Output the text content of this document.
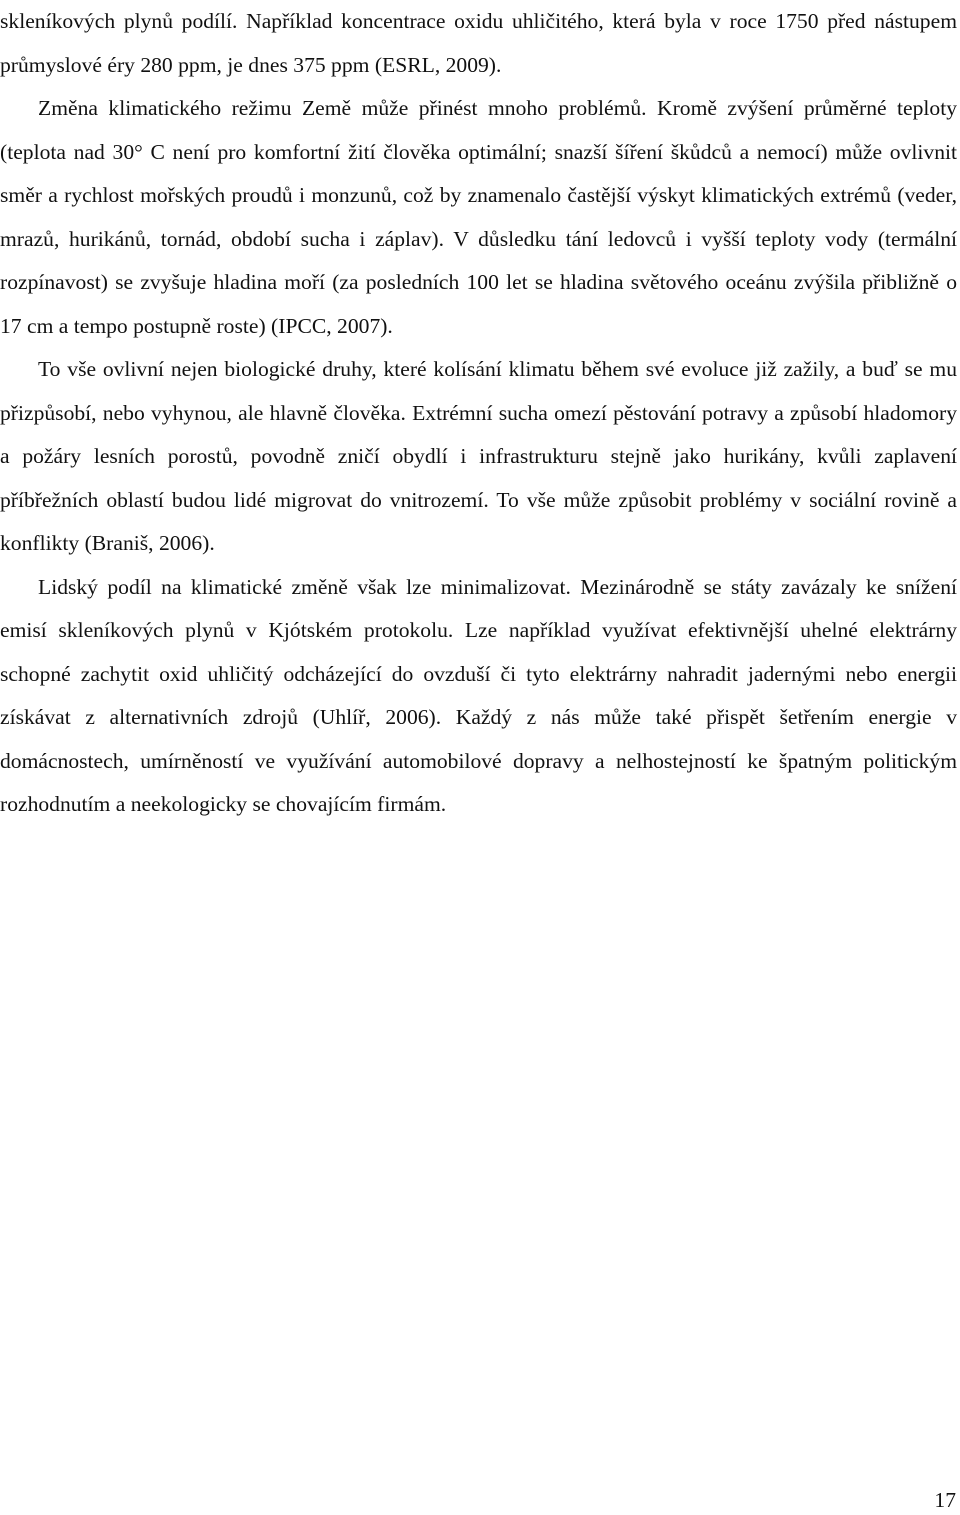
skleníkových plynů podílí. Například koncentrace oxidu uhličitého, která byla v roce 1750 před nástupem průmyslové éry 280 ppm, je dnes 375 ppm (ESRL, 2009).

Změna klimatického režimu Země může přinést mnoho problémů. Kromě zvýšení průměrné teploty (teplota nad 30° C není pro komfortní žití člověka optimální; snazší šíření škůdců a nemocí) může ovlivnit směr a rychlost mořských proudů i monzunů, což by znamenalo častější výskyt klimatických extrémů (veder, mrazů, hurikánů, tornád, období sucha i záplav). V důsledku tání ledovců i vyšší teploty vody (termální rozpínavost) se zvyšuje hladina moří (za posledních 100 let se hladina světového oceánu zvýšila přibližně o 17 cm a tempo postupně roste) (IPCC, 2007).

To vše ovlivní nejen biologické druhy, které kolísání klimatu během své evoluce již zažily, a buď se mu přizpůsobí, nebo vyhynou, ale hlavně člověka. Extrémní sucha omezí pěstování potravy a způsobí hladomory a požáry lesních porostů, povodně zničí obydlí i infrastrukturu stejně jako hurikány, kvůli zaplavení příbřežních oblastí budou lidé migrovat do vnitrozemí. To vše může způsobit problémy v sociální rovině a konflikty (Braniš, 2006).

Lidský podíl na klimatické změně však lze minimalizovat. Mezinárodně se státy zavázaly ke snížení emisí skleníkových plynů v Kjótském protokolu. Lze například využívat efektivnější uhelné elektrárny schopné zachytit oxid uhličitý odcházející do ovzduší či tyto elektrárny nahradit jadernými nebo energii získávat z alternativních zdrojů (Uhlíř, 2006). Každý z nás může také přispět šetřením energie v domácnostech, umírněností ve využívání automobilové dopravy a nelhostejností ke špatným politickým rozhodnutím a neekologicky se chovajícím firmám.

17
